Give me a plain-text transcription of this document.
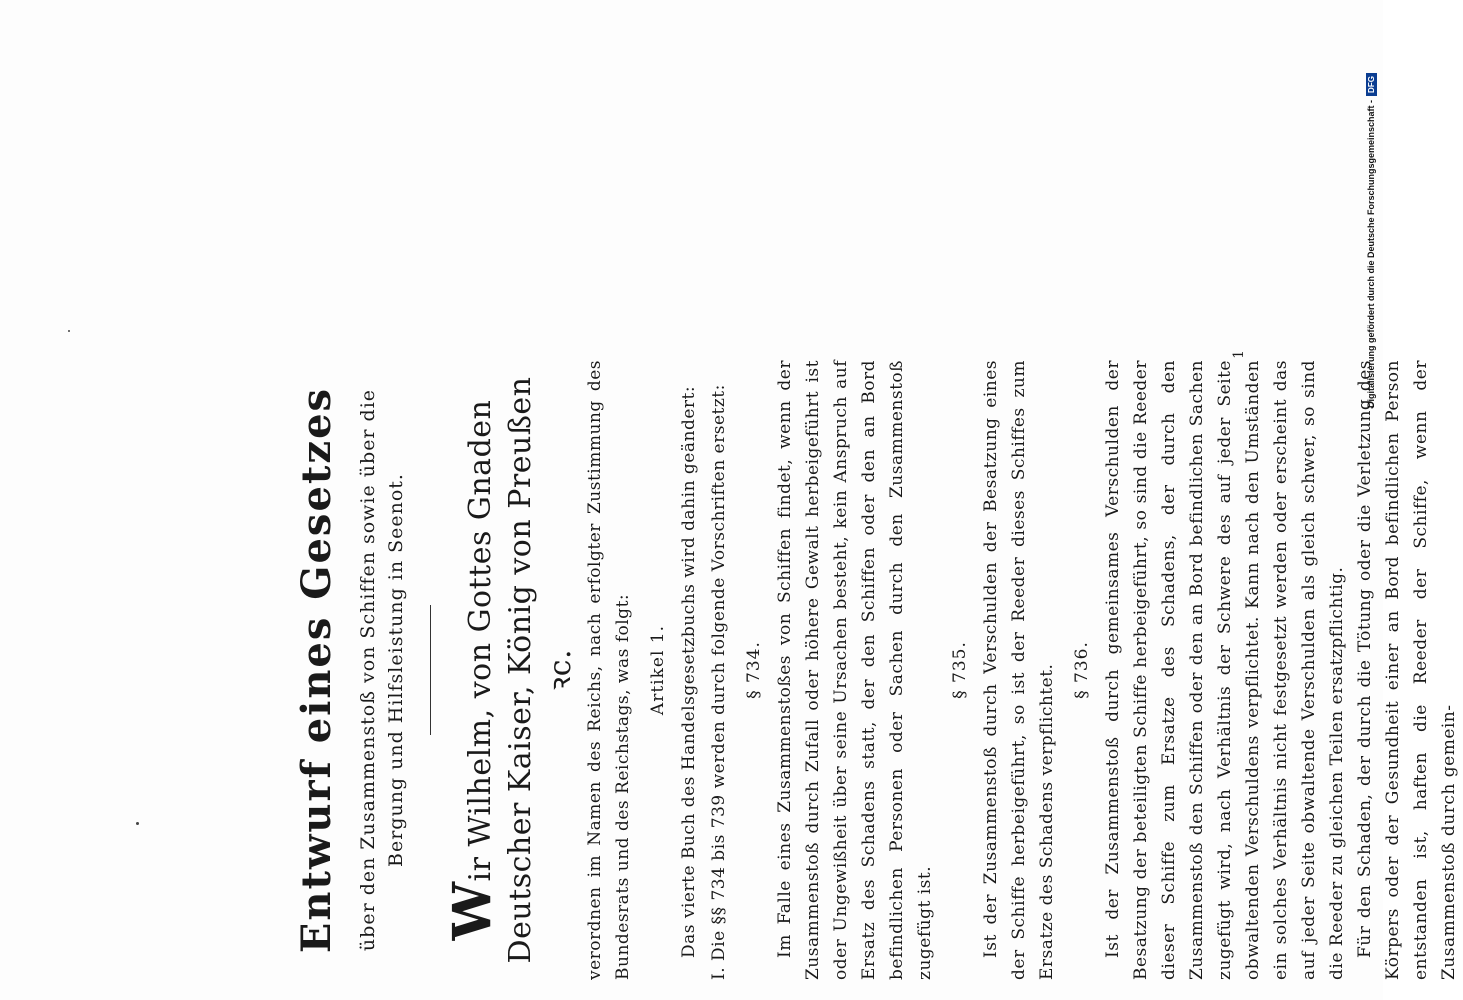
Entwurf eines Gesetzes über den Zusammenstoß von Schiffen sowie über die Bergung und Hilfsleistung in Seenot.

Wir Wilhelm, von Gottes Gnaden Deutscher Kaiser, König von Preußen ꝛc. verordnen im Namen des Reichs, nach erfolgter Zustimmung des Bundesrats und des Reichstags, was folgt: Artikel 1. Das vierte Buch des Handelsgesetzbuchs wird dahin geändert: I. Die §§ 734 bis 739 werden durch folgende Vorschriften ersetzt: § 734. Im Falle eines Zusammenstoßes von Schiffen findet, wenn der Zusammenstoß durch Zufall oder höhere Gewalt herbeigeführt ist oder Ungewißheit über seine Ursachen besteht, kein Anspruch auf Ersatz des Schadens statt, der den Schiffen oder den an Bord befindlichen Personen oder Sachen durch den Zusammenstoß zugefügt ist.

§ 735. Ist der Zusammenstoß durch Verschulden der Besatzung eines der Schiffe herbeigeführt, so ist der Reeder dieses Schiffes zum Ersatze des Schadens verpflichtet. § 736. Ist der Zusammenstoß durch gemeinsames Verschulden der Besatzung der beteiligten Schiffe herbeigeführt, so sind die Reeder dieser Schiffe zum Ersatze des Schadens, der durch den Zusammenstoß den Schiffen oder den an Bord befindlichen Sachen zugefügt wird, nach Verhältnis der Schwere des auf jeder Seite obwaltenden Verschuldens verpflichtet. Kann nach den Umständen ein solches Verhältnis nicht festgesetzt werden oder erscheint das auf jeder Seite obwaltende Verschulden als gleich schwer, so sind die Reeder zu gleichen Teilen ersatzpflichtig. Für den Schaden, der durch die Tötung oder die Verletzung des Körpers oder der Gesundheit einer an Bord befindlichen Person entstanden ist, haften die Reeder der Schiffe, wenn der Zusammenstoß durch gemein-

1	Digitalisierung gefördert durch die Deutsche Forschungsgemeinschaft -
DFG
